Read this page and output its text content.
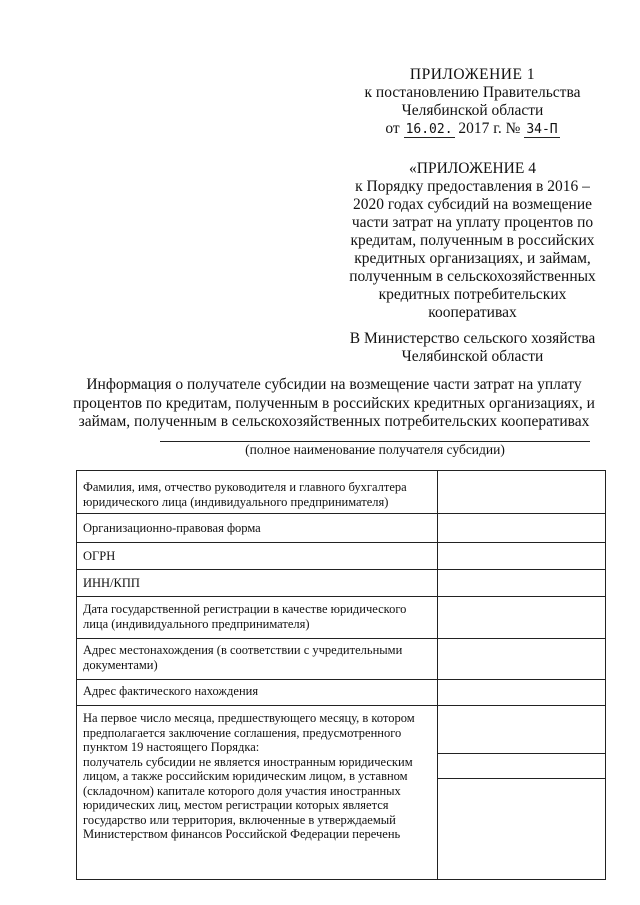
ПРИЛОЖЕНИЕ 1
к постановлению Правительства
Челябинской области
от 16.02. 2017 г. № 34-П
«ПРИЛОЖЕНИЕ 4
к Порядку предоставления в 2016 –
2020 годах субсидий на возмещение
части затрат на уплату процентов по
кредитам, полученным в российских
кредитных организациях, и займам,
полученным в сельскохозяйственных
кредитных потребительских
кооперативах
В Министерство сельского хозяйства
Челябинской области
Информация о получателе субсидии на возмещение части затрат на уплату
процентов по кредитам, полученным в российских кредитных организациях, и
займам, полученным в сельскохозяйственных потребительских кооперативах
(полное наименование получателя субсидии)
Фамилия, имя, отчество руководителя и главного бухгалтера
юридического лица (индивидуального предпринимателя)
Организационно-правовая форма
ОГРН
ИНН/КПП
Дата государственной регистрации в качестве юридического
лица (индивидуального предпринимателя)
Адрес местонахождения (в соответствии с учредительными
документами)
Адрес фактического нахождения
На первое число месяца, предшествующего месяцу, в котором
предполагается заключение соглашения, предусмотренного
пунктом 19 настоящего Порядка:
получатель субсидии не является иностранным юридическим
лицом, а также российским юридическим лицом, в уставном
(складочном) капитале которого доля участия иностранных
юридических лиц, местом регистрации которых является
государство или территория, включенные в утверждаемый
Министерством финансов Российской Федерации перечень
